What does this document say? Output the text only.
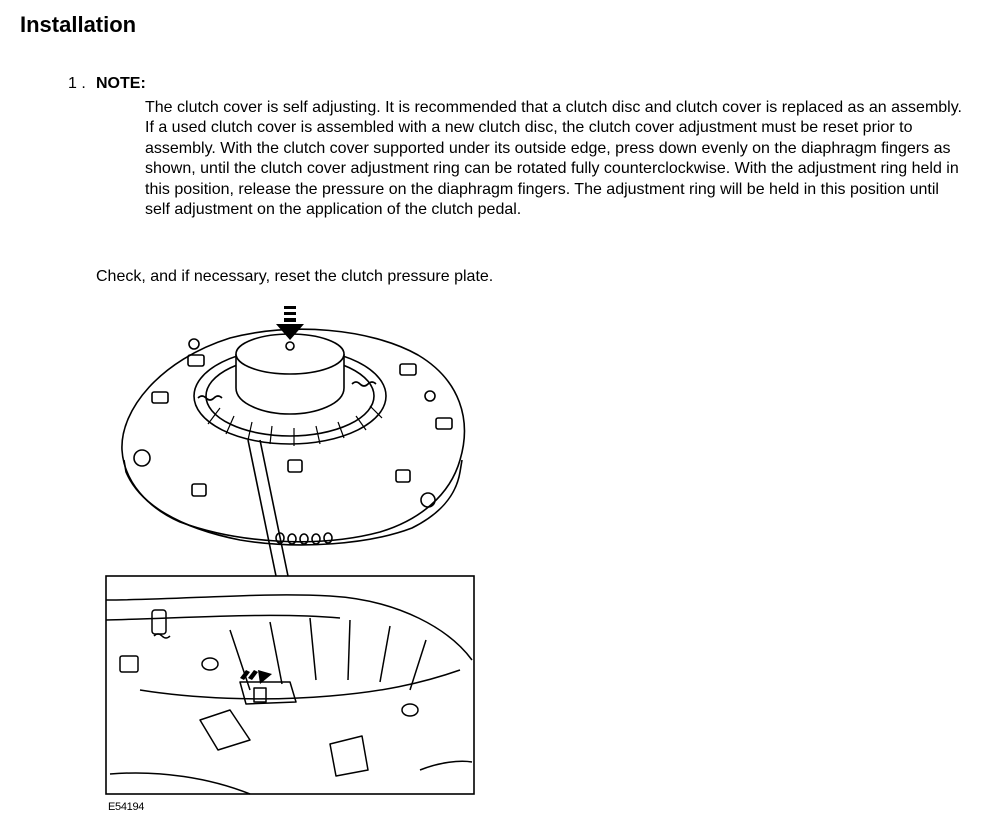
Installation
1 . NOTE:

The clutch cover is self adjusting. It is recommended that a clutch disc and clutch cover is replaced as an assembly. If a used clutch cover is assembled with a new clutch disc, the clutch cover adjustment must be reset prior to assembly. With the clutch cover supported under its outside edge, press down evenly on the diaphragm fingers as shown, until the clutch cover adjustment ring can be rotated fully counterclockwise. With the adjustment ring held in this position, release the pressure on the diaphragm fingers. The adjustment ring will be held in this position until self adjustment on the application of the clutch pedal.

Check, and if necessary, reset the clutch pressure plate.

E54194
